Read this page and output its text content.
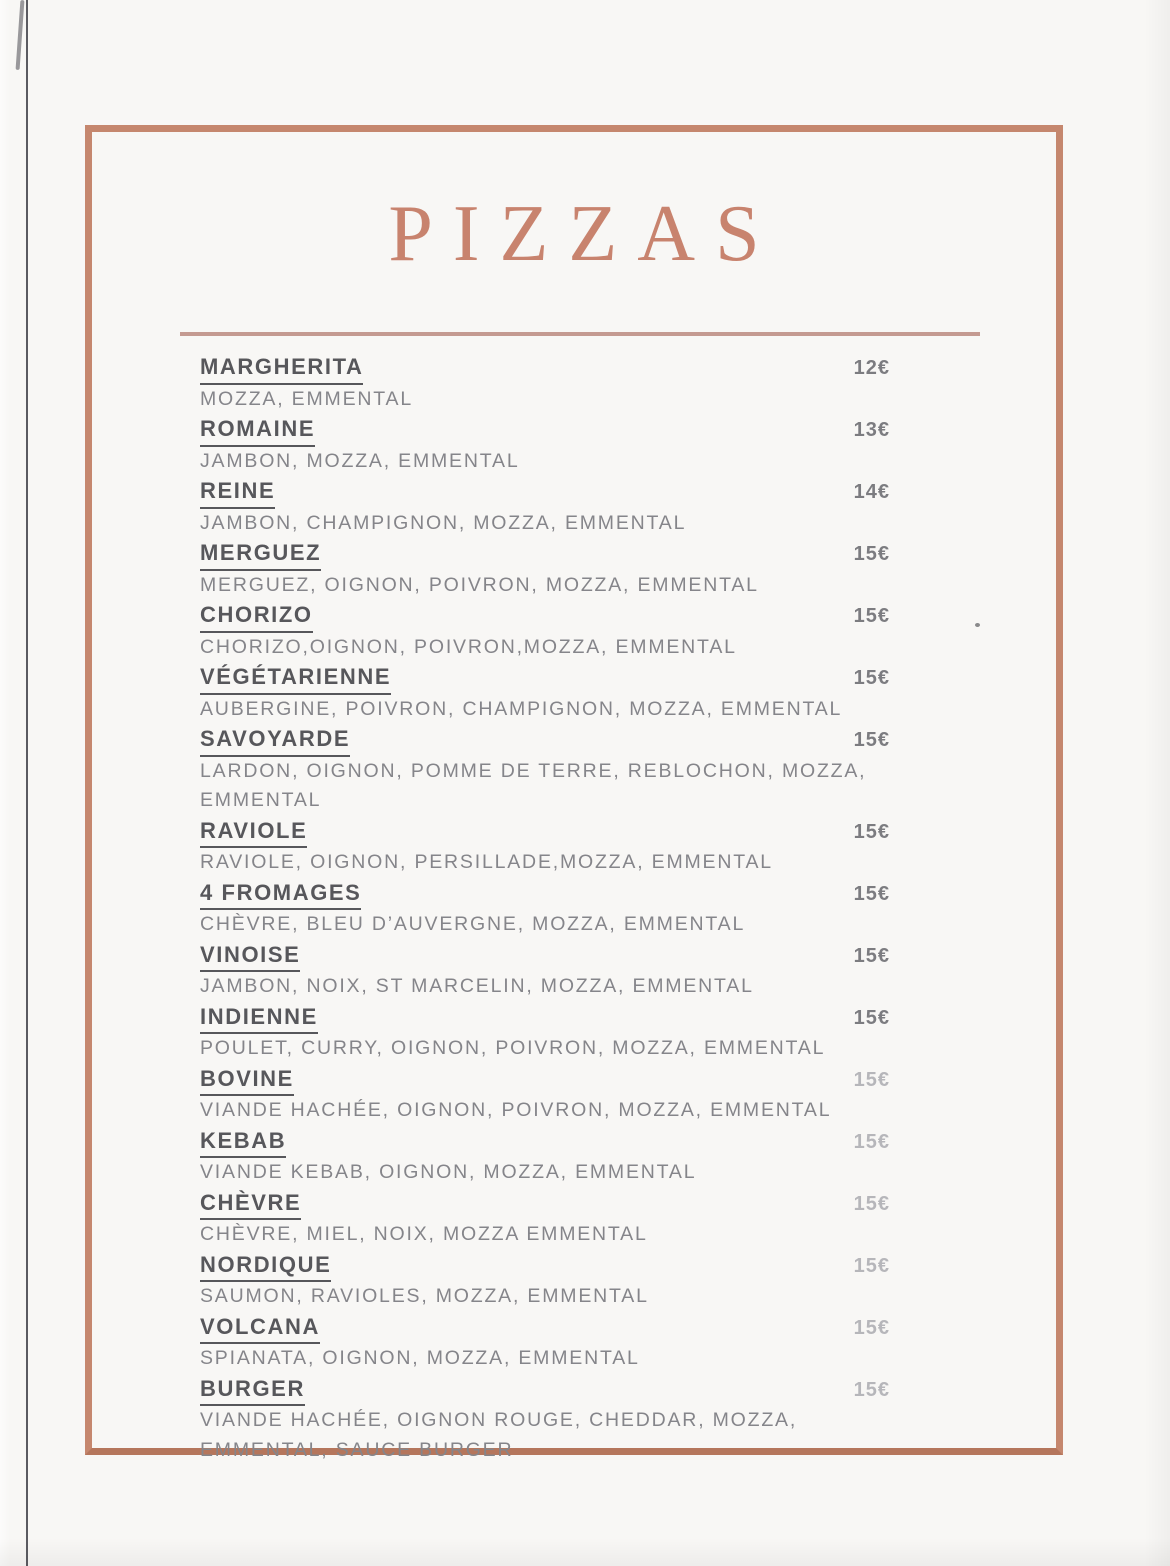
PIZZAS
MARGHERITA	12€
MOZZA, EMMENTAL
ROMAINE	13€
JAMBON, MOZZA, EMMENTAL
REINE	14€
JAMBON, CHAMPIGNON, MOZZA, EMMENTAL
MERGUEZ	15€
MERGUEZ, OIGNON, POIVRON, MOZZA, EMMENTAL
CHORIZO	15€
CHORIZO,OIGNON, POIVRON,MOZZA, EMMENTAL
VÉGÉTARIENNE	15€
AUBERGINE, POIVRON, CHAMPIGNON, MOZZA, EMMENTAL
SAVOYARDE	15€
LARDON, OIGNON, POMME DE TERRE, REBLOCHON, MOZZA,
EMMENTAL
RAVIOLE	15€
RAVIOLE, OIGNON, PERSILLADE,MOZZA, EMMENTAL
4 FROMAGES	15€
CHÈVRE, BLEU D’AUVERGNE, MOZZA, EMMENTAL
VINOISE	15€
JAMBON, NOIX, ST MARCELIN, MOZZA, EMMENTAL
INDIENNE	15€
POULET, CURRY, OIGNON, POIVRON, MOZZA, EMMENTAL
BOVINE	15€
VIANDE HACHÉE, OIGNON, POIVRON, MOZZA, EMMENTAL
KEBAB	15€
VIANDE KEBAB, OIGNON, MOZZA, EMMENTAL
CHÈVRE	15€
CHÈVRE, MIEL, NOIX, MOZZA EMMENTAL
NORDIQUE	15€
SAUMON, RAVIOLES, MOZZA, EMMENTAL
VOLCANA	15€
SPIANATA, OIGNON, MOZZA, EMMENTAL
BURGER	15€
VIANDE HACHÉE, OIGNON ROUGE, CHEDDAR, MOZZA,
EMMENTAL, SAUCE BURGER
